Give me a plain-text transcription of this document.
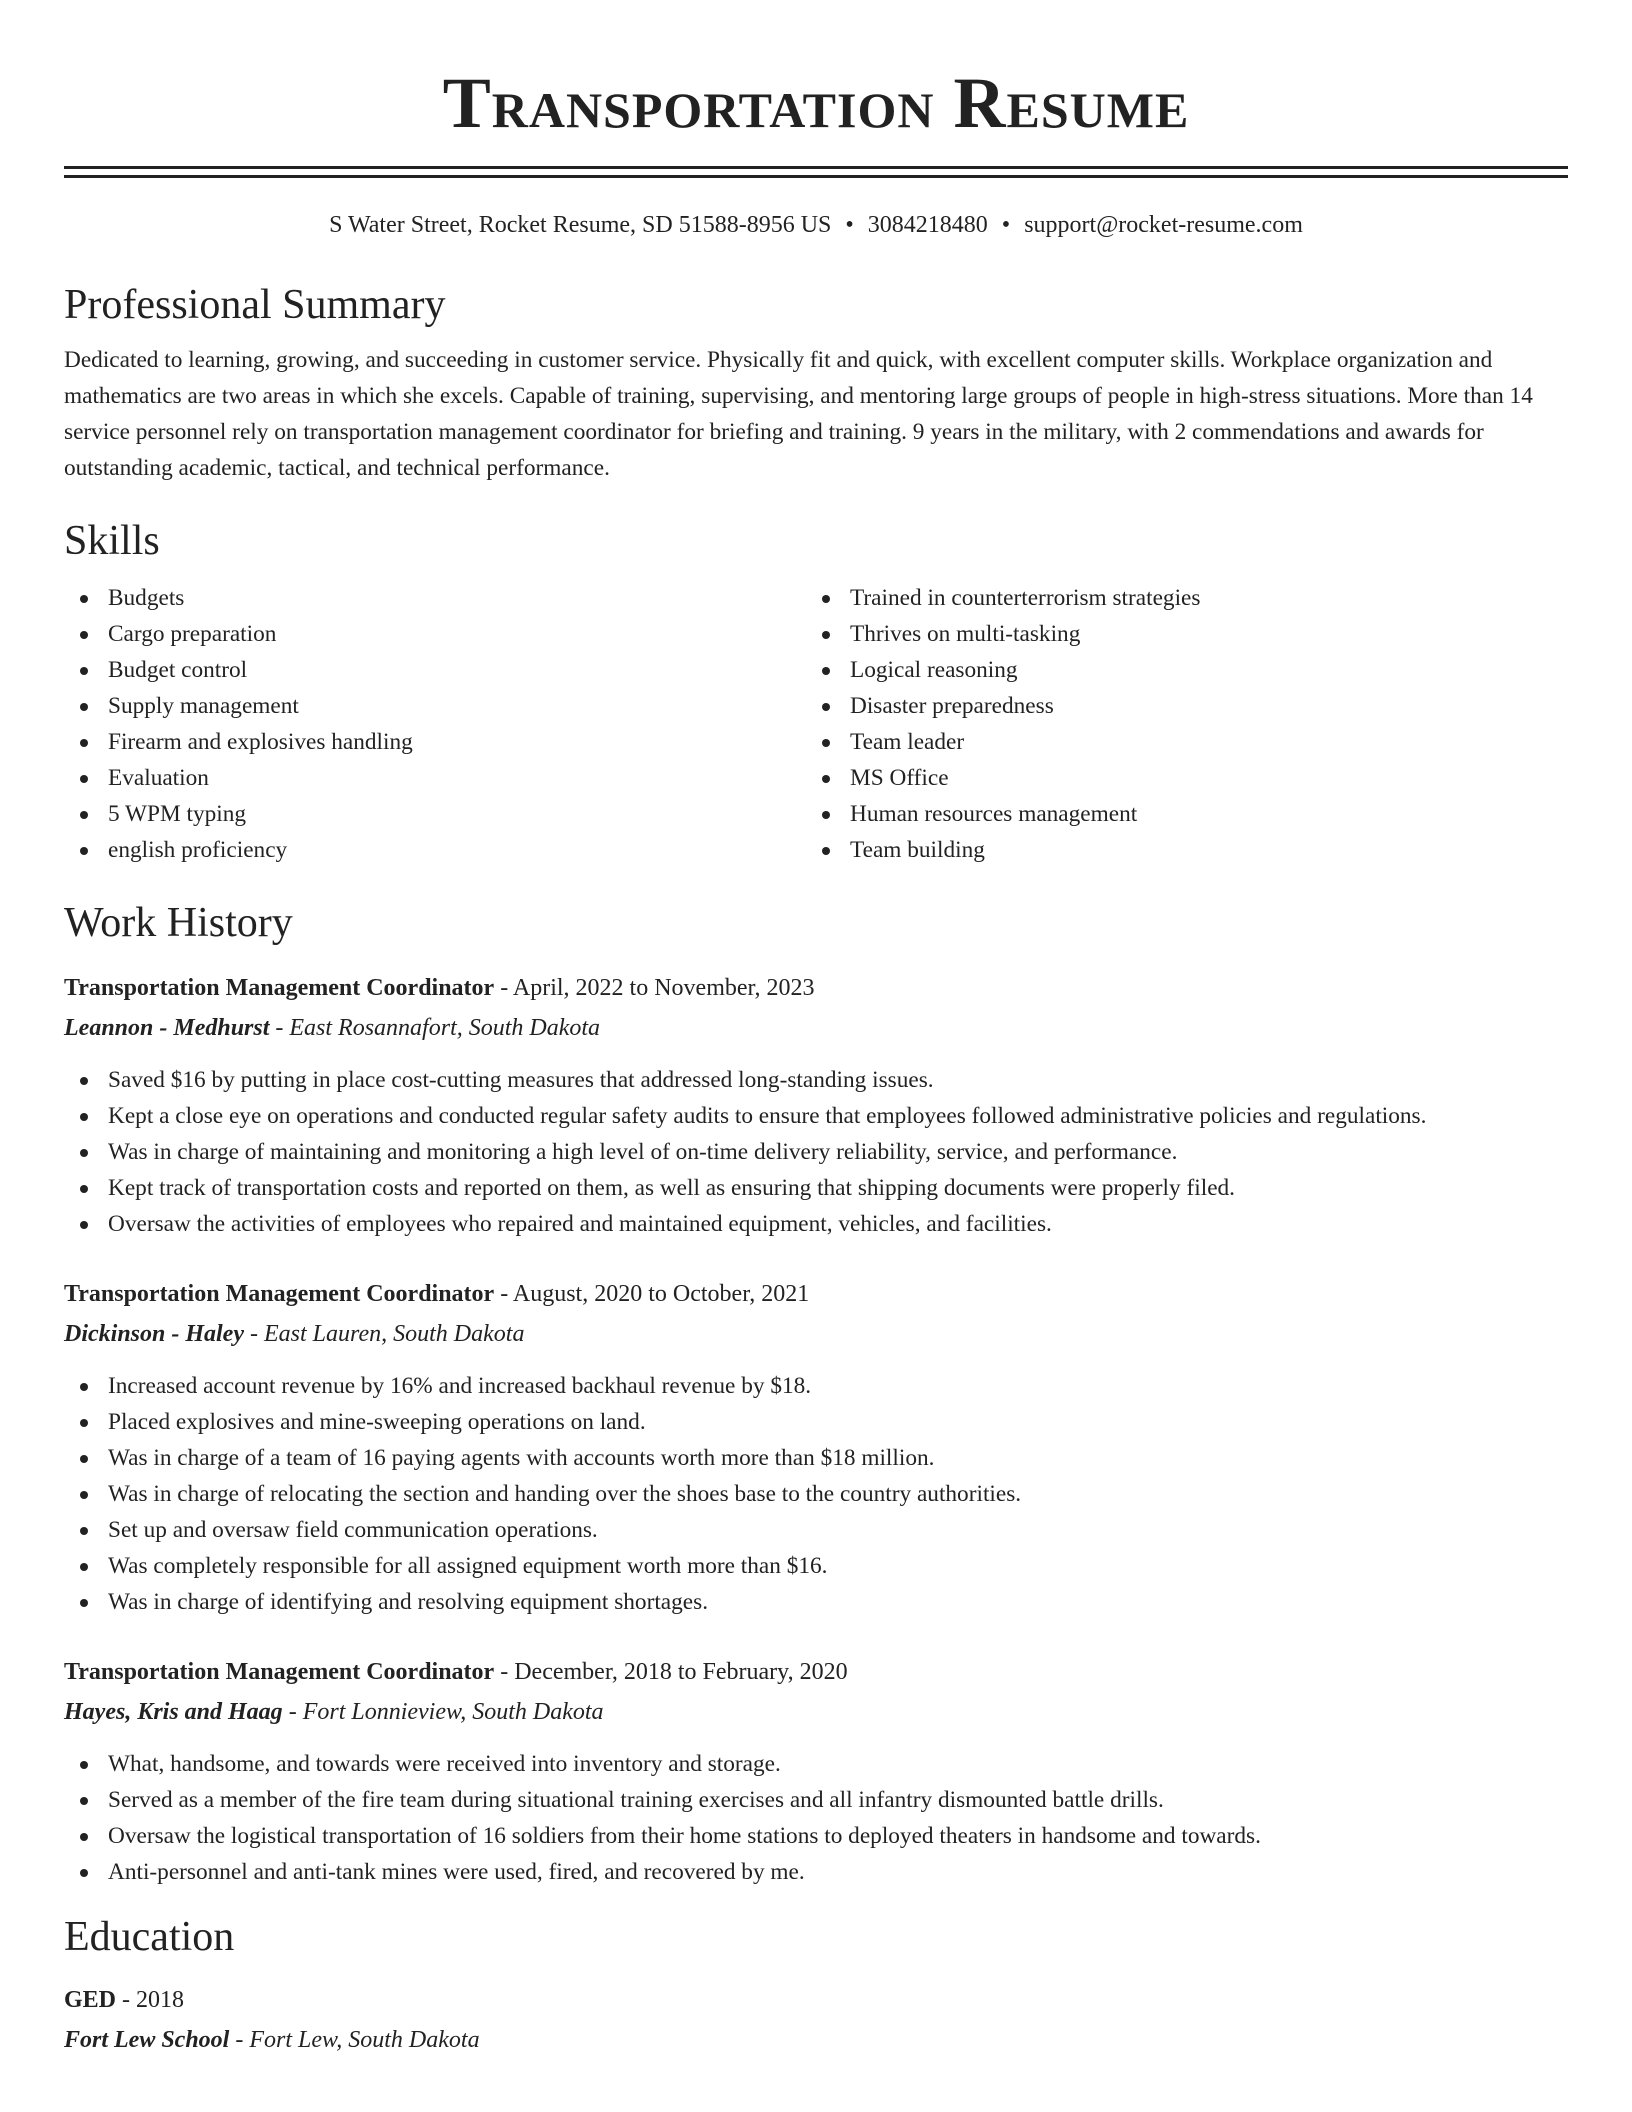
Transportation Resume
S Water Street, Rocket Resume, SD 51588-8956 US • 3084218480 • support@rocket-resume.com
Professional Summary

Dedicated to learning, growing, and succeeding in customer service. Physically fit and quick, with excellent computer skills. Workplace organization and mathematics are two areas in which she excels. Capable of training, supervising, and mentoring large groups of people in high-stress situations. More than 14 service personnel rely on transportation management coordinator for briefing and training. 9 years in the military, with 2 commendations and awards for outstanding academic, tactical, and technical performance.

Skills
Budgets
Cargo preparation
Budget control
Supply management
Firearm and explosives handling
Evaluation
5 WPM typing
english proficiency
Trained in counterterrorism strategies
Thrives on multi-tasking
Logical reasoning
Disaster preparedness
Team leader
MS Office
Human resources management
Team building
Work History
Transportation Management Coordinator - April, 2022 to November, 2023
Leannon - Medhurst - East Rosannafort, South Dakota
Saved $16 by putting in place cost-cutting measures that addressed long-standing issues.
Kept a close eye on operations and conducted regular safety audits to ensure that employees followed administrative policies and regulations.
Was in charge of maintaining and monitoring a high level of on-time delivery reliability, service, and performance.
Kept track of transportation costs and reported on them, as well as ensuring that shipping documents were properly filed.
Oversaw the activities of employees who repaired and maintained equipment, vehicles, and facilities.
Transportation Management Coordinator - August, 2020 to October, 2021
Dickinson - Haley - East Lauren, South Dakota
Increased account revenue by 16% and increased backhaul revenue by $18.
Placed explosives and mine-sweeping operations on land.
Was in charge of a team of 16 paying agents with accounts worth more than $18 million.
Was in charge of relocating the section and handing over the shoes base to the country authorities.
Set up and oversaw field communication operations.
Was completely responsible for all assigned equipment worth more than $16.
Was in charge of identifying and resolving equipment shortages.
Transportation Management Coordinator - December, 2018 to February, 2020
Hayes, Kris and Haag - Fort Lonnieview, South Dakota
What, handsome, and towards were received into inventory and storage.
Served as a member of the fire team during situational training exercises and all infantry dismounted battle drills.
Oversaw the logistical transportation of 16 soldiers from their home stations to deployed theaters in handsome and towards.
Anti-personnel and anti-tank mines were used, fired, and recovered by me.
Education
GED - 2018
Fort Lew School - Fort Lew, South Dakota
